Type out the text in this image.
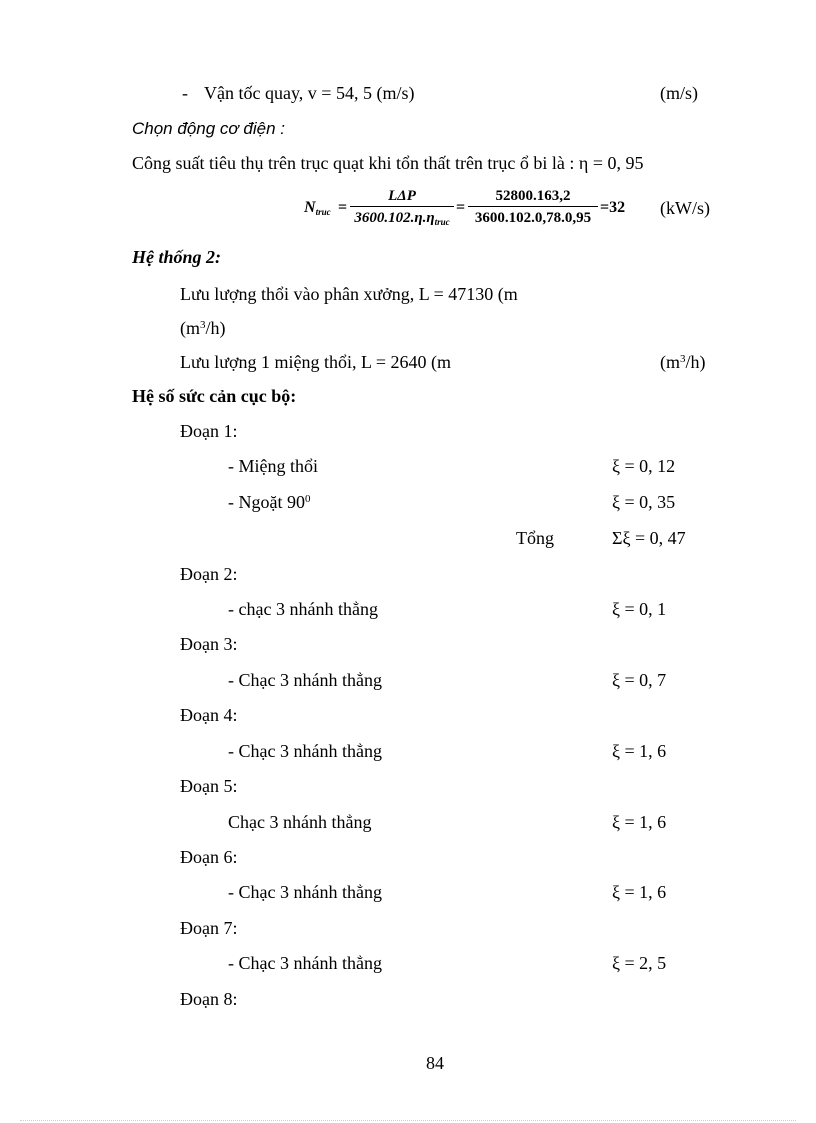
- Vận tốc quay, v = 54, 5 (m/s)	(m/s)
Chọn động cơ điện :
Công suất tiêu thụ trên trục quạt khi tổn thất trên trục ổ bi là : η = 0, 95
$N_{truc}$ =
LΔP
$3600.102.\eta.\eta_{truc}$
=
52800.163,2
3600.102.0,78.0,95
=32 (kW/s)
Hệ thống 2:
Lưu lượng thổi vào phân xưởng, L = 47130 (m
$(m^3/h)$
Lưu lượng 1 miệng thổi, L = 2640 (m	$(m^3/h)$
Hệ số sức cản cục bộ:
Đoạn 1:
- Miệng thổi	ξ = 0, 12
- Ngoặt $90^0$	ξ = 0, 35
Tổng	Σξ = 0, 47
Đoạn 2:
- chạc 3 nhánh thẳng	ξ = 0, 1
Đoạn 3:
- Chạc 3 nhánh thẳng	ξ = 0, 7
Đoạn 4:
- Chạc 3 nhánh thẳng	ξ = 1, 6
Đoạn 5:
Chạc 3 nhánh thẳng	ξ = 1, 6
Đoạn 6:
- Chạc 3 nhánh thẳng	ξ = 1, 6
Đoạn 7:
- Chạc 3 nhánh thẳng	ξ = 2, 5
Đoạn 8:
84
